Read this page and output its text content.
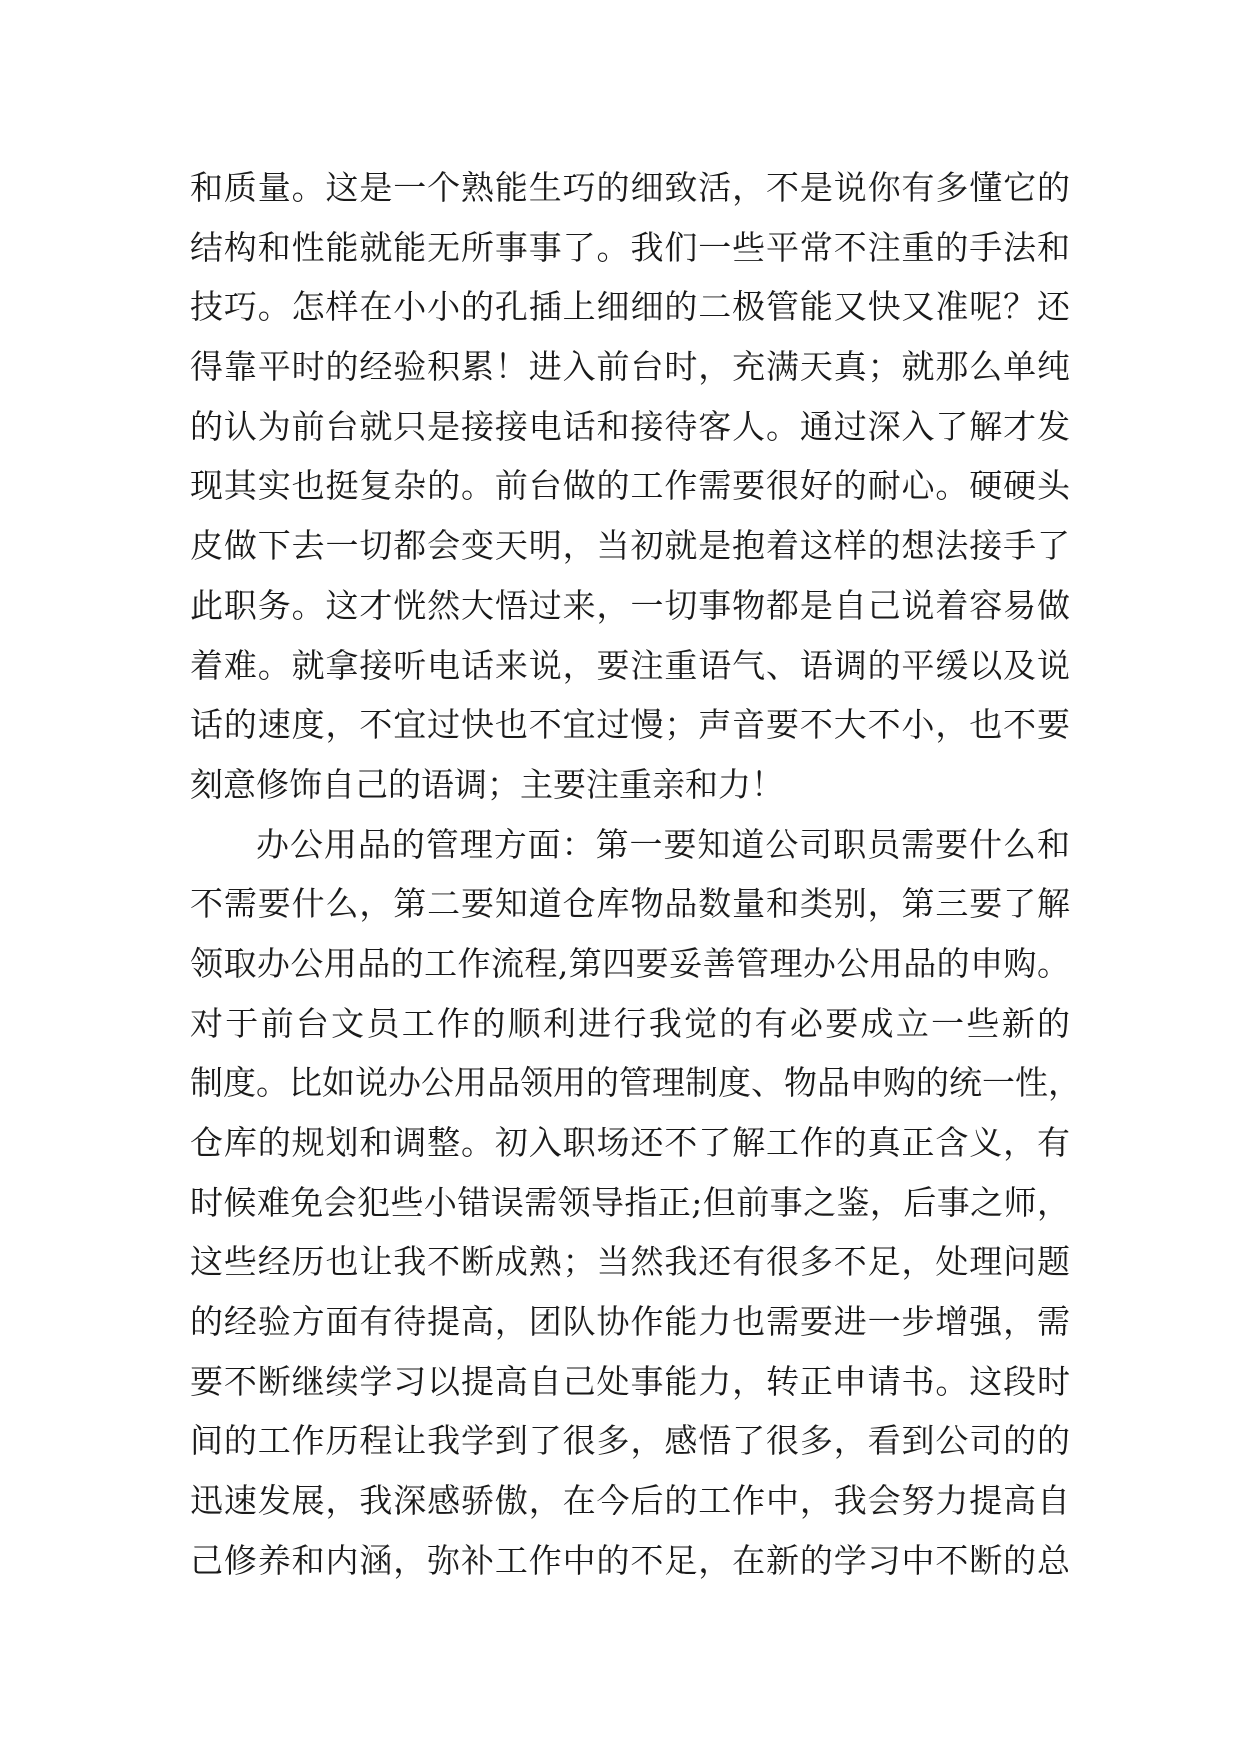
和质量。这是一个熟能生巧的细致活，不是说你有多懂它的
结构和性能就能无所事事了。我们一些平常不注重的手法和
技巧。怎样在小小的孔插上细细的二极管能又快又准呢？还
得靠平时的经验积累！进入前台时，充满天真；就那么单纯
的认为前台就只是接接电话和接待客人。通过深入了解才发
现其实也挺复杂的。前台做的工作需要很好的耐心。硬硬头
皮做下去一切都会变天明，当初就是抱着这样的想法接手了
此职务。这才恍然大悟过来，一切事物都是自己说着容易做
着难。就拿接听电话来说，要注重语气、语调的平缓以及说
话的速度，不宜过快也不宜过慢；声音要不大不小，也不要
刻意修饰自己的语调；主要注重亲和力！
办公用品的管理方面：第一要知道公司职员需要什么和
不需要什么，第二要知道仓库物品数量和类别，第三要了解
领取办公用品的工作流程,第四要妥善管理办公用品的申购。
对于前台文员工作的顺利进行我觉的有必要成立一些新的
制度。比如说办公用品领用的管理制度、物品申购的统一性，
仓库的规划和调整。初入职场还不了解工作的真正含义，有
时候难免会犯些小错误需领导指正;但前事之鉴，后事之师，
这些经历也让我不断成熟；当然我还有很多不足，处理问题
的经验方面有待提高，团队协作能力也需要进一步增强，需
要不断继续学习以提高自己处事能力，转正申请书。这段时
间的工作历程让我学到了很多，感悟了很多，看到公司的的
迅速发展，我深感骄傲，在今后的工作中，我会努力提高自
己修养和内涵，弥补工作中的不足，在新的学习中不断的总
